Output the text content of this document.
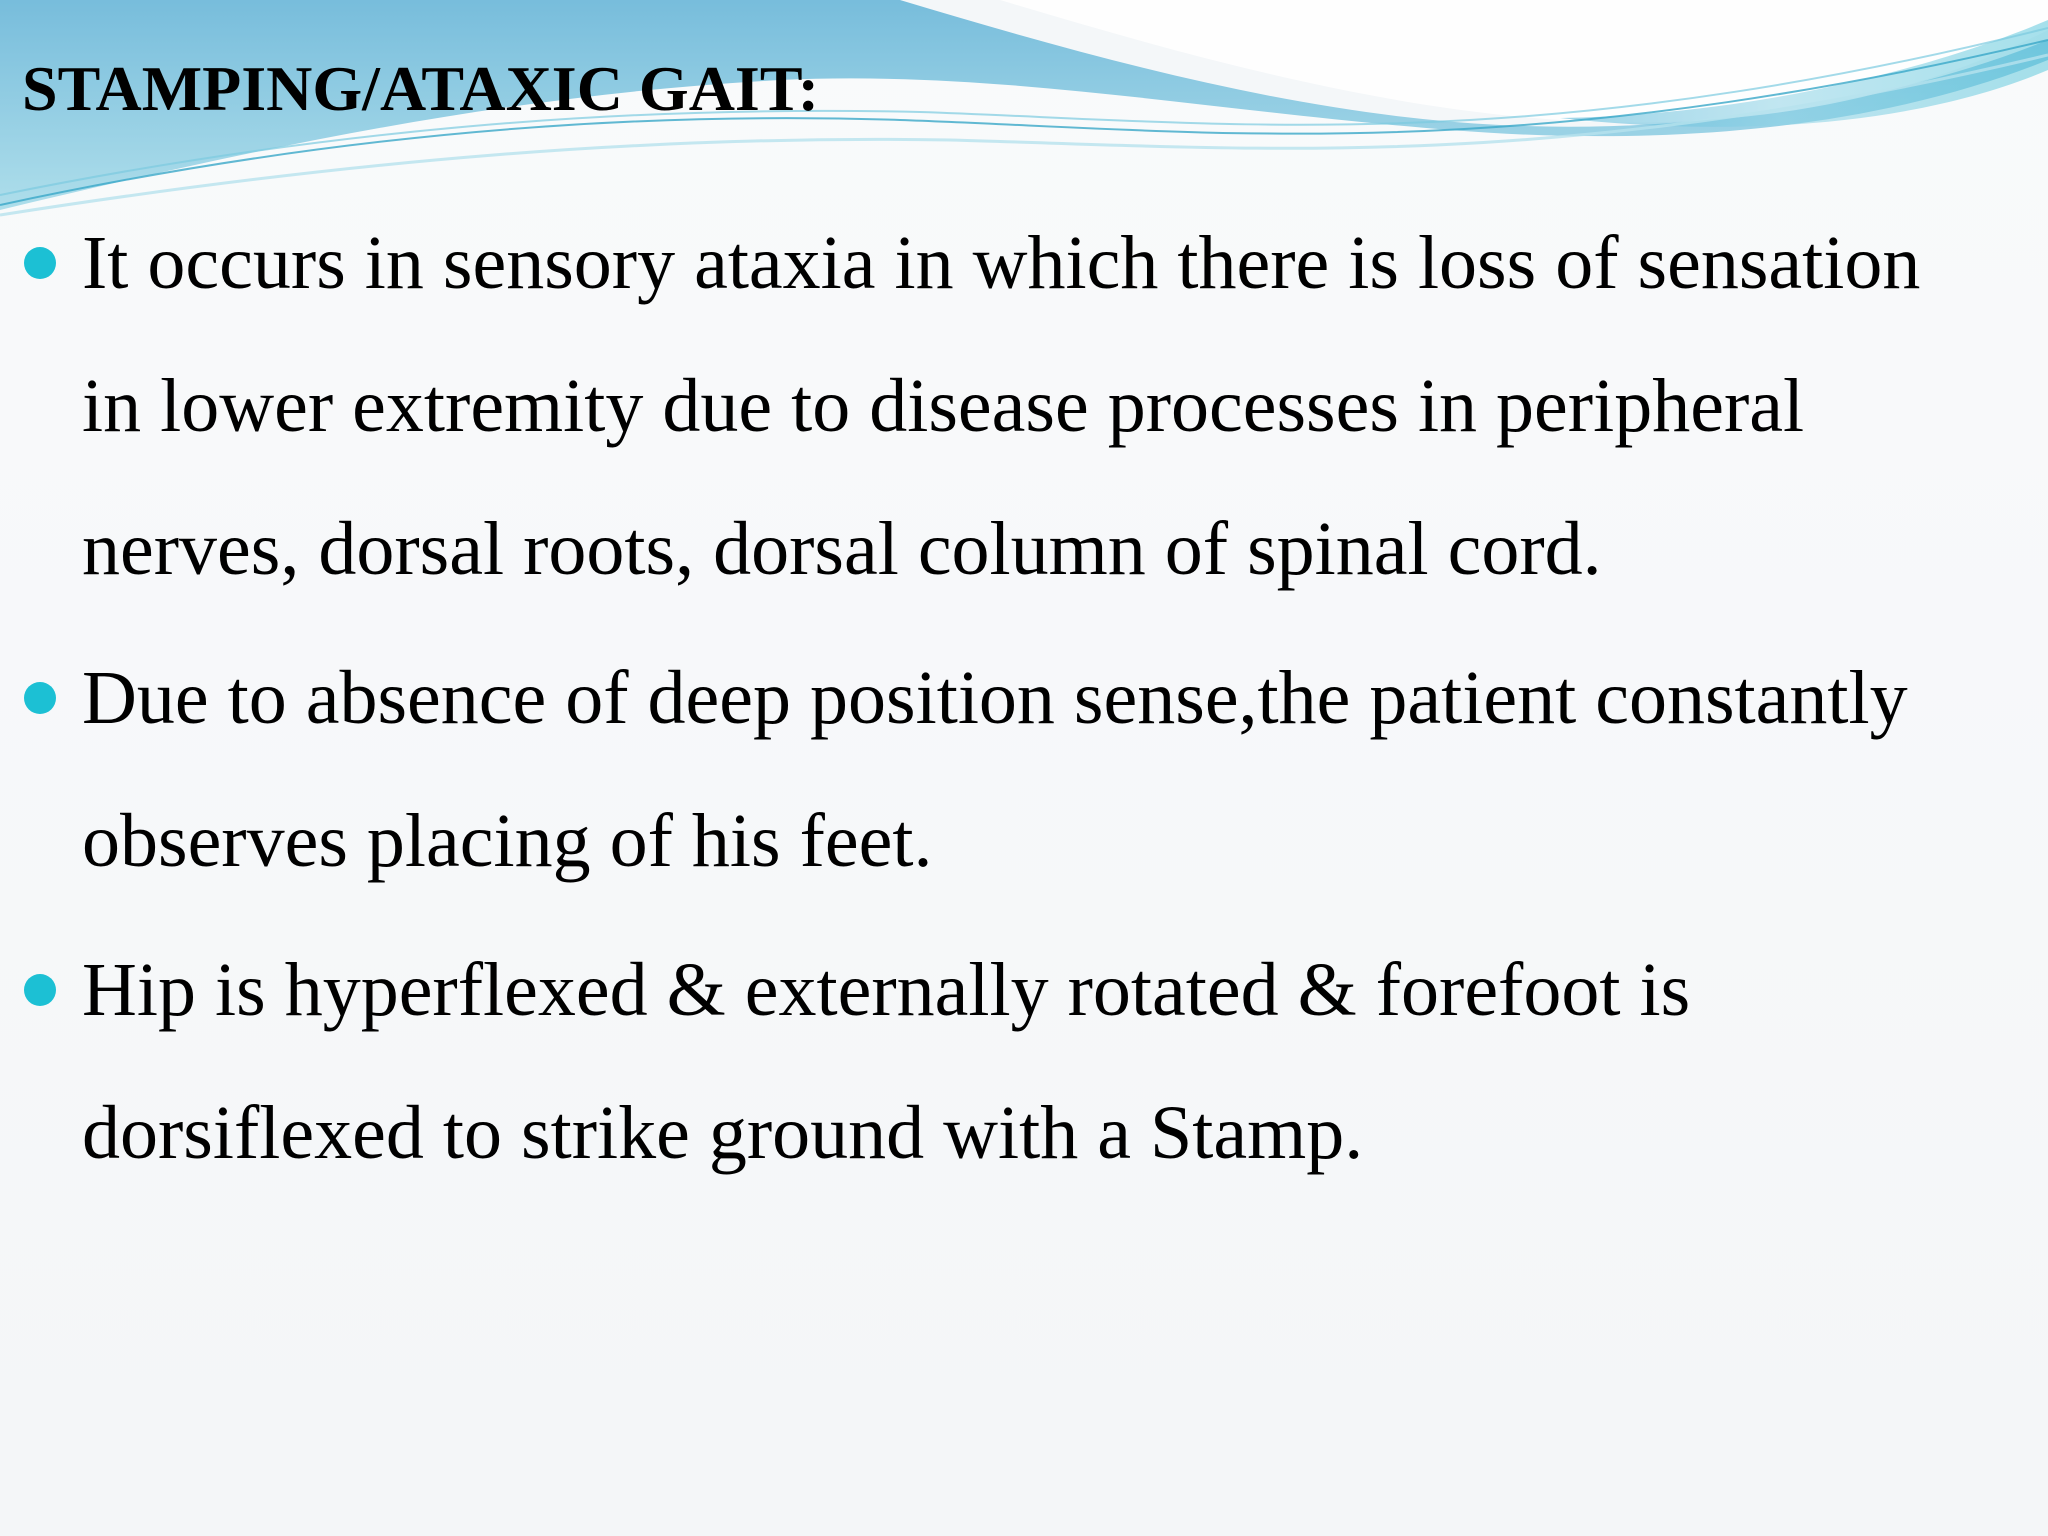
STAMPING/ATAXIC GAIT:
It occurs in sensory ataxia in which there is loss of sensation
in lower extremity due to disease processes in peripheral
nerves, dorsal roots, dorsal column of spinal cord.
Due to absence of deep position sense,the patient constantly
observes placing of his feet.
Hip is hyperflexed & externally rotated & forefoot is
dorsiflexed to strike ground with a Stamp.
